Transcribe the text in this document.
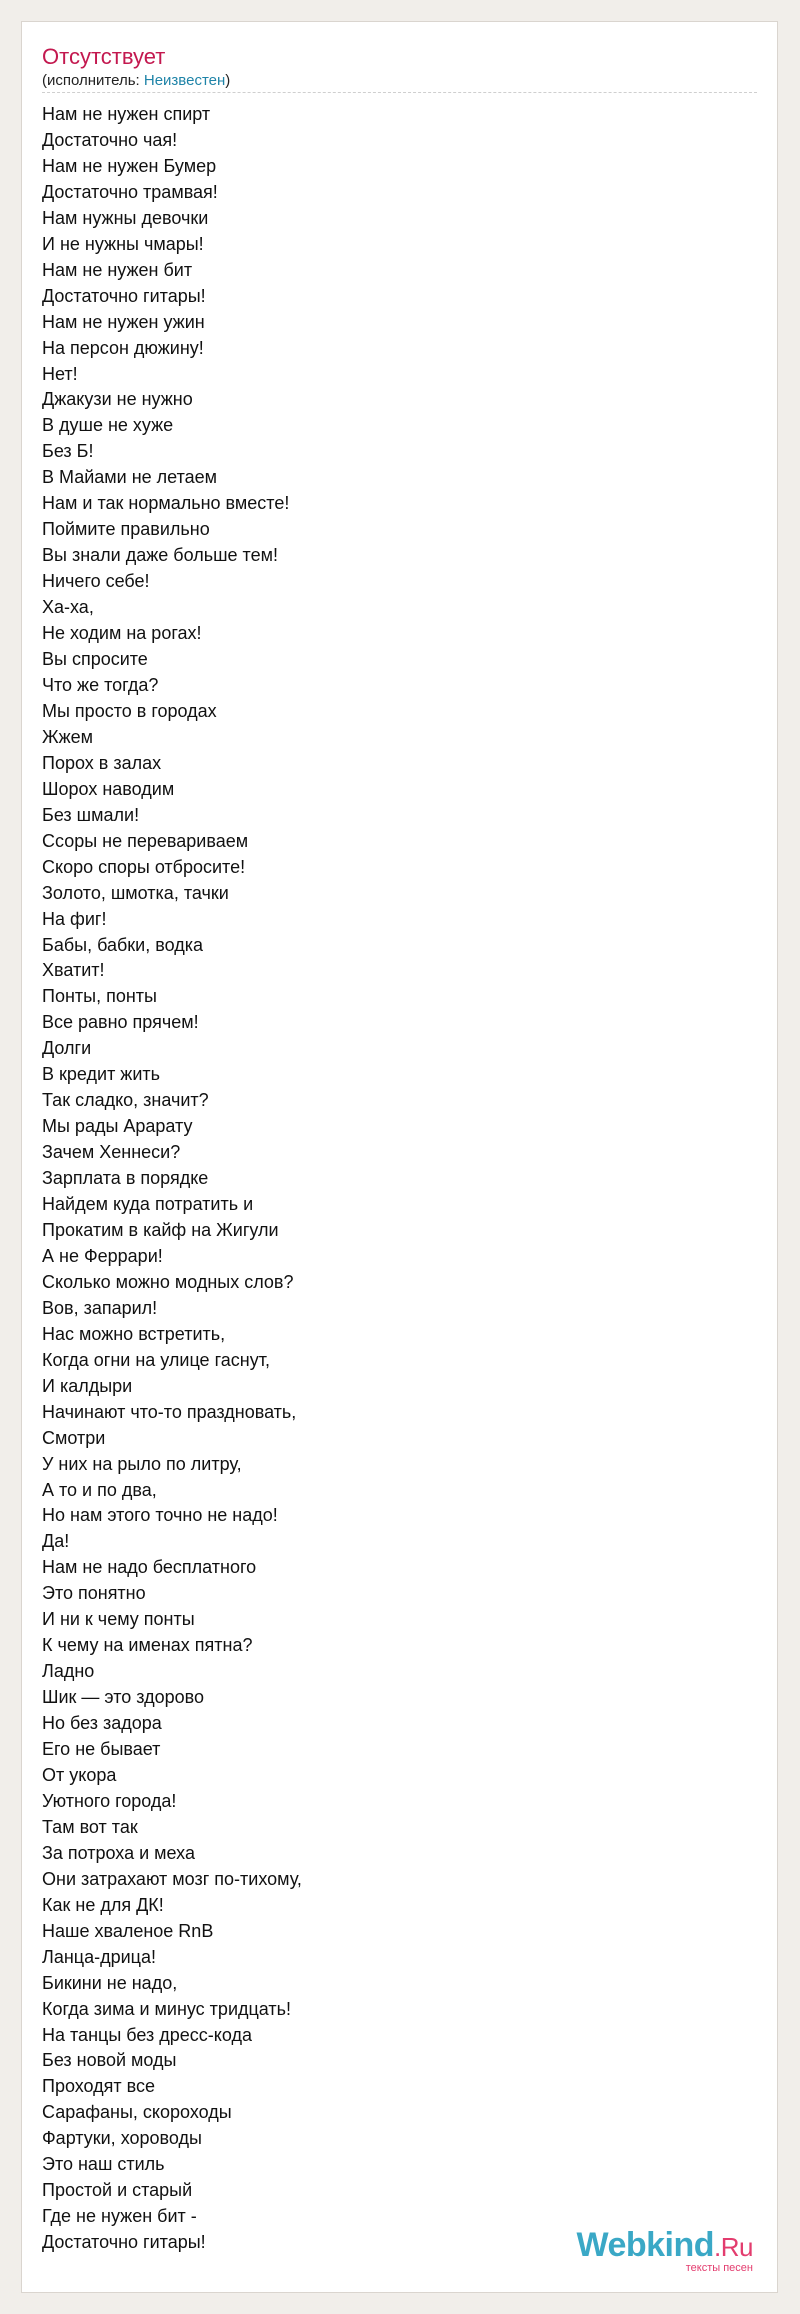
Отсутствует
(исполнитель: Неизвестен)
Нам не нужен спирт
Достаточно чая!
Нам не нужен Бумер
Достаточно трамвая!
Нам нужны девочки
И не нужны чмары!
Нам не нужен бит
Достаточно гитары!
Нам не нужен ужин
На персон дюжину!
Нет!
Джакузи не нужно
В душе не хуже
Без Б!
В Майами не летаем
Нам и так нормально вместе!
Поймите правильно
Вы знали даже больше тем!
Ничего себе!
Ха-ха,
Не ходим на рогах!
Вы спросите
Что же тогда?
Мы просто в городах
Жжем
Порох в залах
Шорох наводим
Без шмали!
Ссоры не перевариваем
Скоро споры отбросите!
Золото, шмотка, тачки
На фиг!
Бабы, бабки, водка
Хватит!
Понты, понты
Все равно прячем!
Долги
В кредит жить
Так сладко, значит?
Мы рады Арарату
Зачем Хеннеси?
Зарплата в порядке
Найдем куда потратить и
Прокатим в кайф на Жигули
А не Феррари!
Сколько можно модных слов?
Вов, запарил!
Нас можно встретить,
Когда огни на улице гаснут,
И калдыри
Начинают что-то праздновать,
Смотри
У них на рыло по литру,
А то и по два,
Но нам этого точно не надо!
Да!
Нам не надо бесплатного
Это понятно
И ни к чему понты
К чему на именах пятна?
Ладно
Шик — это здорово
Но без задора
Его не бывает
От укора
Уютного города!
Там вот так
За потроха и меха
Они затрахают мозг по-тихому,
Как не для ДК!
Наше хваленое RnB
Ланца-дрица!
Бикини не надо,
Когда зима и минус тридцать!
На танцы без дресс-кода
Без новой моды
Проходят все
Сарафаны, скороходы
Фартуки, хороводы
Это наш стиль
Простой и старый
Где не нужен бит -
Достаточно гитары!	Webkind.Ru
тексты песен
